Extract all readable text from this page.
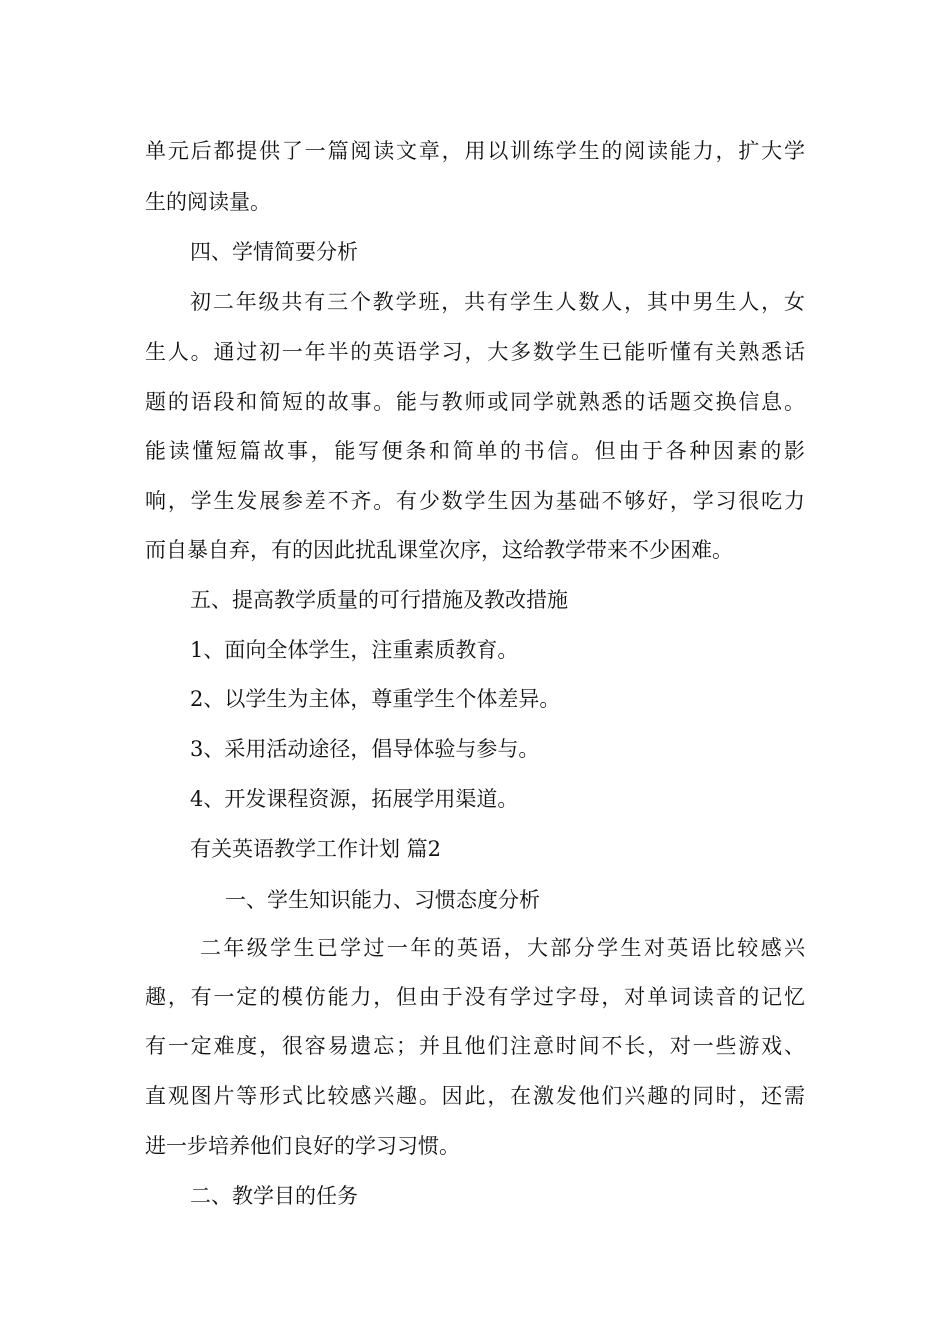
单元后都提供了一篇阅读文章，用以训练学生的阅读能力，扩大学
生的阅读量。
四、学情简要分析
初二年级共有三个教学班，共有学生人数人，其中男生人，女
生人。通过初一年半的英语学习，大多数学生已能听懂有关熟悉话
题的语段和简短的故事。能与教师或同学就熟悉的话题交换信息。
能读懂短篇故事，能写便条和简单的书信。但由于各种因素的影
响，学生发展参差不齐。有少数学生因为基础不够好，学习很吃力
而自暴自弃，有的因此扰乱课堂次序，这给教学带来不少困难。
五、提高教学质量的可行措施及教改措施
1、面向全体学生，注重素质教育。
2、以学生为主体，尊重学生个体差异。
3、采用活动途径，倡导体验与参与。
4、开发课程资源，拓展学用渠道。
有关英语教学工作计划 篇2
一、学生知识能力、习惯态度分析
二年级学生已学过一年的英语，大部分学生对英语比较感兴
趣，有一定的模仿能力，但由于没有学过字母，对单词读音的记忆
有一定难度，很容易遗忘；并且他们注意时间不长，对一些游戏、
直观图片等形式比较感兴趣。因此，在激发他们兴趣的同时，还需
进一步培养他们良好的学习习惯。
二、教学目的任务
